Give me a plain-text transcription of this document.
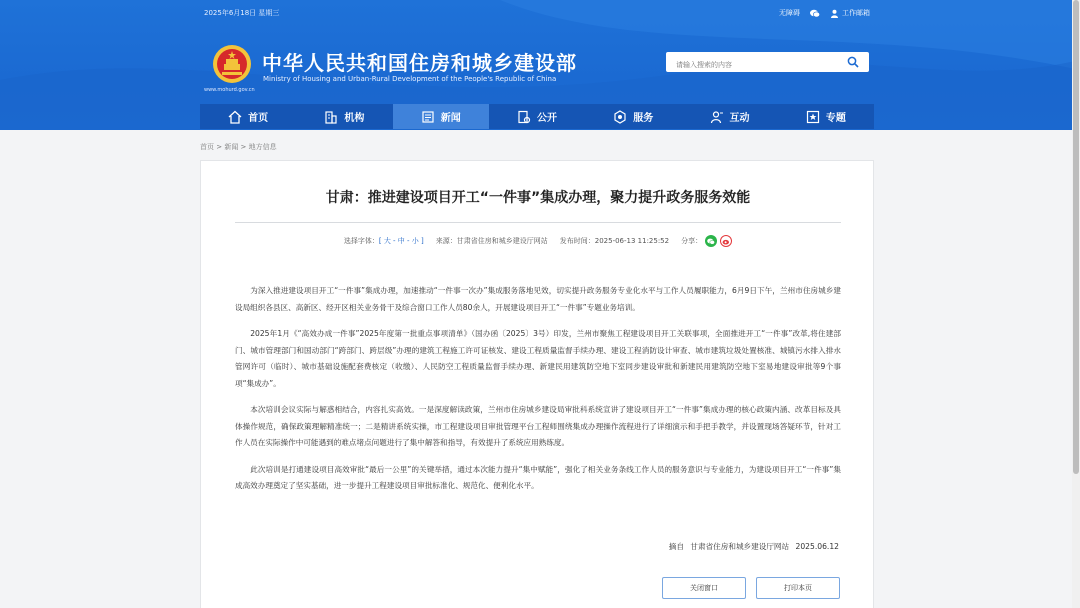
2025年6月18日 星期三	无障碍	工作邮箱
中华人民共和国住房和城乡建设部
Ministry of Housing and Urban-Rural Development of the People's Republic of China
www.mohurd.gov.cn
请输入搜索的内容
首页	机构	新闻	公开	服务	互动	专题
首页 > 新闻 > 地方信息
甘肃：推进建设项目开工“一件事”集成办理，聚力提升政务服务效能
选择字体：[ 大 - 中 - 小 ] 来源：甘肃省住房和城乡建设厅网站 发布时间：2025-06-13 11:25:52 分享：

为深入推进建设项目开工“一件事”集成办理，加速推动“一件事一次办”集成服务落地见效，切实提升政务服务专业化水平与工作人员履职能力，6月9日下午，兰州市住房城乡建设局组织各县区、高新区、经开区相关业务骨干及综合窗口工作人员80余人，开展建设项目开工“一件事”专题业务培训。

2025年1月《“高效办成一件事”2025年度第一批重点事项清单》（国办函〔2025〕3号）印发，兰州市聚焦工程建设项目开工关联事项，全面推进开工“一件事”改革,将住建部门、城市管理部门和国动部门“跨部门、跨层级”办理的建筑工程施工许可证核发、建设工程质量监督手续办理、建设工程消防设计审查、城市建筑垃圾处置核准、城镇污水排入排水管网许可（临时）、城市基础设施配套费核定（收缴）、人民防空工程质量监督手续办理、新建民用建筑防空地下室同步建设审批和新建民用建筑防空地下室易地建设审批等9个事项“集成办”。

本次培训会议实际与解惑相结合，内容扎实高效。一是深度解读政策，兰州市住房城乡建设局审批科系统宣讲了建设项目开工“一件事”集成办理的核心政策内涵、改革目标及具体操作规范，确保政策理解精准统一；二是精讲系统实操，市工程建设项目审批管理平台工程师围绕集成办理操作流程进行了详细演示和手把手教学，并设置现场答疑环节，针对工作人员在实际操作中可能遇到的难点堵点问题进行了集中解答和指导，有效提升了系统应用熟练度。

此次培训是打通建设项目高效审批“最后一公里”的关键举措，通过本次能力提升“集中赋能”，强化了相关业务条线工作人员的服务意识与专业能力，为建设项目开工“一件事”集成高效办理奠定了坚实基础，进一步提升工程建设项目审批标准化、规范化、便利化水平。

摘自 甘肃省住房和城乡建设厅网站 2025.06.12
关闭窗口	打印本页
